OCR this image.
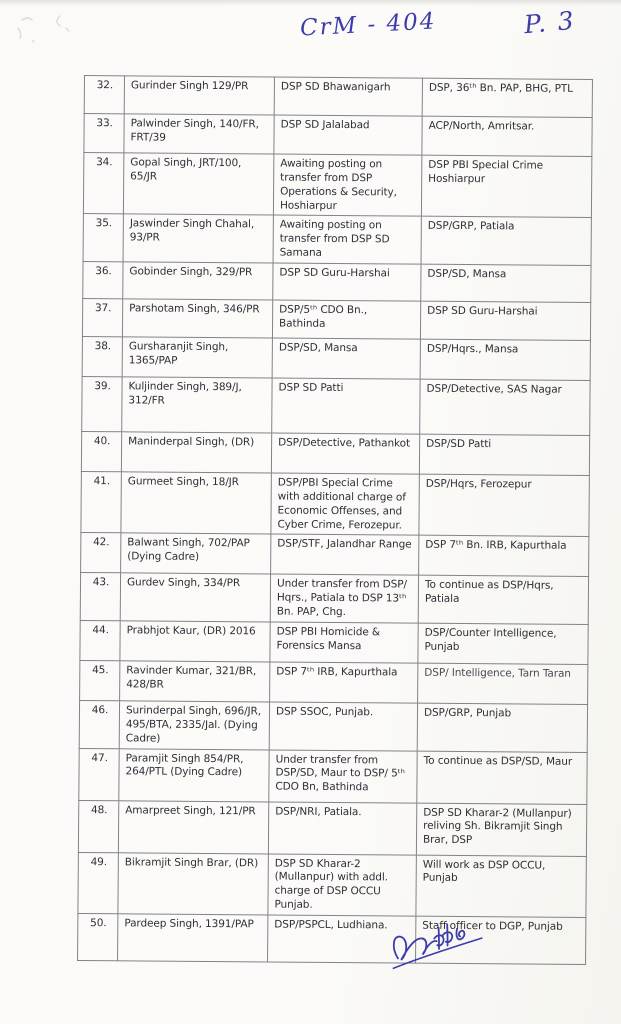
CrM - 404	P. 3
32.	Gurinder Singh 129/PR	DSP SD Bhawanigarh	DSP, 36ᵗʰ Bn. PAP, BHG, PTL
33.	Palwinder Singh, 140/FR, FRT/39	DSP SD Jalalabad	ACP/North, Amritsar.
34.	Gopal Singh, JRT/100, 65/JR	Awaiting posting on transfer from DSP Operations & Security, Hoshiarpur	DSP PBI Special Crime Hoshiarpur
35.	Jaswinder Singh Chahal, 93/PR	Awaiting posting on transfer from DSP SD Samana	DSP/GRP, Patiala
36.	Gobinder Singh, 329/PR	DSP SD Guru-Harshai	DSP/SD, Mansa
37.	Parshotam Singh, 346/PR	DSP/5ᵗʰ CDO Bn., Bathinda	DSP SD Guru-Harshai
38.	Gursharanjit Singh, 1365/PAP	DSP/SD, Mansa	DSP/Hqrs., Mansa
39.	Kuljinder Singh, 389/J, 312/FR	DSP SD Patti	DSP/Detective, SAS Nagar
40.	Maninderpal Singh, (DR)	DSP/Detective, Pathankot	DSP/SD Patti
41.	Gurmeet Singh, 18/JR	DSP/PBI Special Crime with additional charge of Economic Offenses, and Cyber Crime, Ferozepur.	DSP/Hqrs, Ferozepur
42.	Balwant Singh, 702/PAP (Dying Cadre)	DSP/STF, Jalandhar Range	DSP 7ᵗʰ Bn. IRB, Kapurthala
43.	Gurdev Singh, 334/PR	Under transfer from DSP/ Hqrs., Patiala to DSP 13ᵗʰ Bn. PAP, Chg.	To continue as DSP/Hqrs, Patiala
44.	Prabhjot Kaur, (DR) 2016	DSP PBI Homicide & Forensics Mansa	DSP/Counter Intelligence, Punjab
45.	Ravinder Kumar, 321/BR, 428/BR	DSP 7ᵗʰ IRB, Kapurthala	DSP/ Intelligence, Tarn Taran
46.	Surinderpal Singh, 696/JR, 495/BTA, 2335/Jal. (Dying Cadre)	DSP SSOC, Punjab.	DSP/GRP, Punjab
47.	Paramjit Singh 854/PR, 264/PTL (Dying Cadre)	Under transfer from DSP/SD, Maur to DSP/ 5ᵗʰ CDO Bn, Bathinda	To continue as DSP/SD, Maur
48.	Amarpreet Singh, 121/PR	DSP/NRI, Patiala.	DSP SD Kharar-2 (Mullanpur) reliving Sh. Bikramjit Singh Brar, DSP
49.	Bikramjit Singh Brar, (DR)	DSP SD Kharar-2 (Mullanpur) with addl. charge of DSP OCCU Punjab.	Will work as DSP OCCU, Punjab
50.	Pardeep Singh, 1391/PAP	DSP/PSPCL, Ludhiana.	Staff officer to DGP, Punjab
